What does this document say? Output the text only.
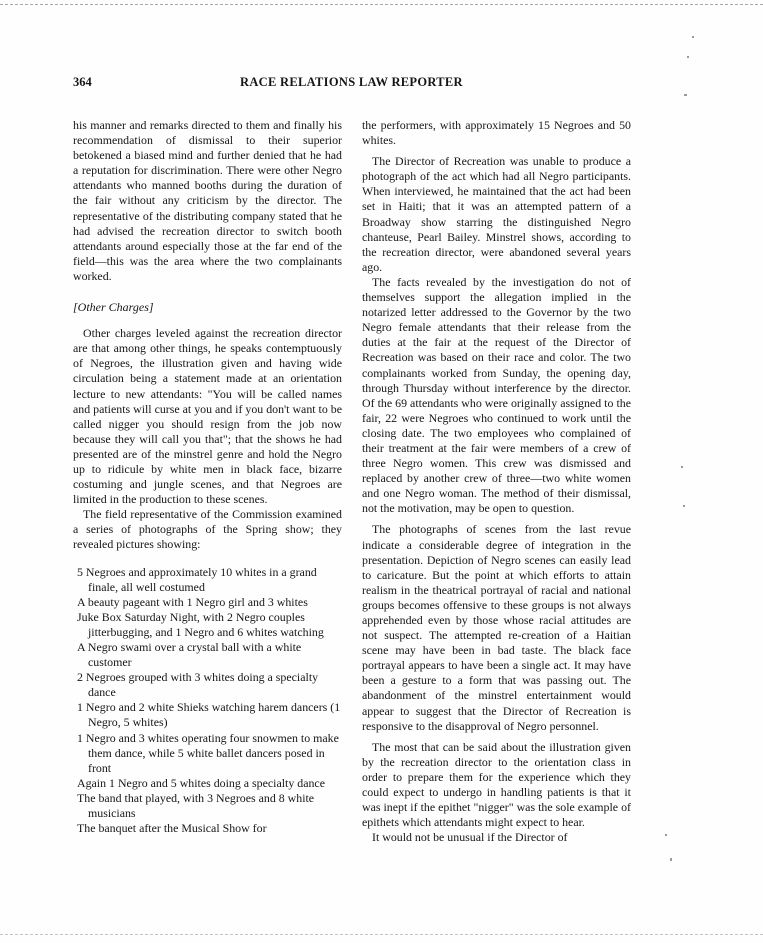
364	RACE RELATIONS LAW REPORTER

his manner and remarks directed to them and finally his recommendation of dismissal to their superior betokened a biased mind and further denied that he had a reputation for discrimination. There were other Negro attendants who manned booths during the duration of the fair without any criticism by the director. The representative of the distributing company stated that he had advised the recreation director to switch booth attendants around especially those at the far end of the field—this was the area where the two complainants worked.

[Other Charges]

Other charges leveled against the recreation director are that among other things, he speaks contemptuously of Negroes, the illustration given and having wide circulation being a statement made at an orientation lecture to new attendants: "You will be called names and patients will curse at you and if you don't want to be called nigger you should resign from the job now because they will call you that"; that the shows he had presented are of the minstrel genre and hold the Negro up to ridicule by white men in black face, bizarre costuming and jungle scenes, and that Negroes are limited in the production to these scenes.

The field representative of the Commission examined a series of photographs of the Spring show; they revealed pictures showing:

5 Negroes and approximately 10 whites in a grand finale, all well costumed
A beauty pageant with 1 Negro girl and 3 whites
Juke Box Saturday Night, with 2 Negro couples jitterbugging, and 1 Negro and 6 whites watching
A Negro swami over a crystal ball with a white customer
2 Negroes grouped with 3 whites doing a specialty dance
1 Negro and 2 white Shieks watching harem dancers (1 Negro, 5 whites)
1 Negro and 3 whites operating four snowmen to make them dance, while 5 white ballet dancers posed in front
Again 1 Negro and 5 whites doing a specialty dance
The band that played, with 3 Negroes and 8 white musicians
The banquet after the Musical Show for

the performers, with approximately 15 Negroes and 50 whites.

The Director of Recreation was unable to produce a photograph of the act which had all Negro participants. When interviewed, he maintained that the act had been set in Haiti; that it was an attempted pattern of a Broadway show starring the distinguished Negro chanteuse, Pearl Bailey. Minstrel shows, according to the recreation director, were abandoned several years ago.

The facts revealed by the investigation do not of themselves support the allegation implied in the notarized letter addressed to the Governor by the two Negro female attendants that their release from the duties at the fair at the request of the Director of Recreation was based on their race and color. The two complainants worked from Sunday, the opening day, through Thursday without interference by the director. Of the 69 attendants who were originally assigned to the fair, 22 were Negroes who continued to work until the closing date. The two employees who complained of their treatment at the fair were members of a crew of three Negro women. This crew was dismissed and replaced by another crew of three—two white women and one Negro woman. The method of their dismissal, not the motivation, may be open to question.

The photographs of scenes from the last revue indicate a considerable degree of integration in the presentation. Depiction of Negro scenes can easily lead to caricature. But the point at which efforts to attain realism in the theatrical portrayal of racial and national groups becomes offensive to these groups is not always apprehended even by those whose racial attitudes are not suspect. The attempted re-creation of a Haitian scene may have been in bad taste. The black face portrayal appears to have been a single act. It may have been a gesture to a form that was passing out. The abandonment of the minstrel entertainment would appear to suggest that the Director of Recreation is responsive to the disapproval of Negro personnel.

The most that can be said about the illustration given by the recreation director to the orientation class in order to prepare them for the experience which they could expect to undergo in handling patients is that it was inept if the epithet "nigger" was the sole example of epithets which attendants might expect to hear.

It would not be unusual if the Director of
